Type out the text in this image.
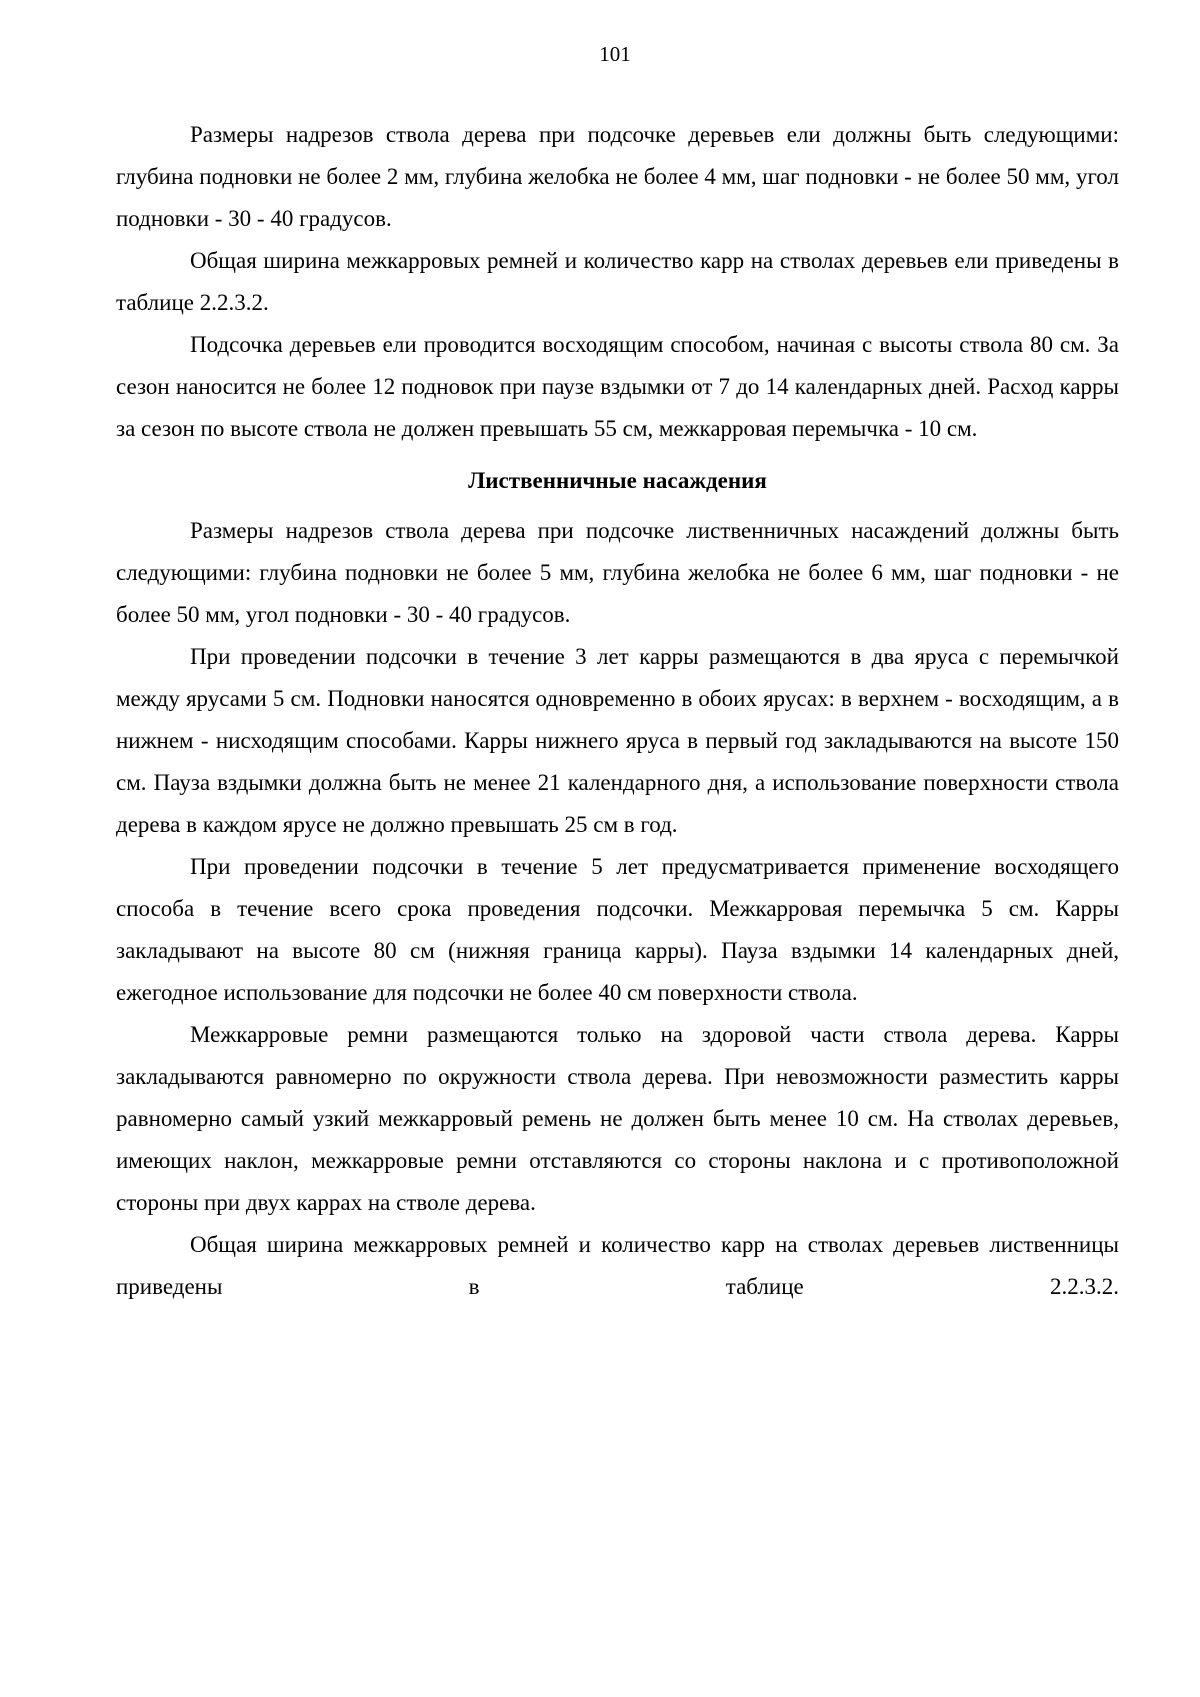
101

Размеры надрезов ствола дерева при подсочке деревьев ели должны быть следующими: глубина подновки не более 2 мм, глубина желобка не более 4 мм, шаг подновки - не более 50 мм, угол подновки - 30 - 40 градусов.

Общая ширина межкарровых ремней и количество карр на стволах деревьев ели приведены в таблице 2.2.3.2.

Подсочка деревьев ели проводится восходящим способом, начиная с высоты ствола 80 см. За сезон наносится не более 12 подновок при паузе вздымки от 7 до 14 календарных дней. Расход карры за сезон по высоте ствола не должен превышать 55 см, межкарровая перемычка - 10 см.

Лиственничные насаждения

Размеры надрезов ствола дерева при подсочке лиственничных насаждений должны быть следующими: глубина подновки не более 5 мм, глубина желобка не более 6 мм, шаг подновки - не более 50 мм, угол подновки - 30 - 40 градусов.

При проведении подсочки в течение 3 лет карры размещаются в два яруса с перемычкой между ярусами 5 см. Подновки наносятся одновременно в обоих ярусах: в верхнем - восходящим, а в нижнем - нисходящим способами. Карры нижнего яруса в первый год закладываются на высоте 150 см. Пауза вздымки должна быть не менее 21 календарного дня, а использование поверхности ствола дерева в каждом ярусе не должно превышать 25 см в год.

При проведении подсочки в течение 5 лет предусматривается применение восходящего способа в течение всего срока проведения подсочки. Межкарровая перемычка 5 см. Карры закладывают на высоте 80 см (нижняя граница карры). Пауза вздымки 14 календарных дней, ежегодное использование для подсочки не более 40 см поверхности ствола.

Межкарровые ремни размещаются только на здоровой части ствола дерева. Карры закладываются равномерно по окружности ствола дерева. При невозможности разместить карры равномерно самый узкий межкарровый ремень не должен быть менее 10 см. На стволах деревьев, имеющих наклон, межкарровые ремни отставляются со стороны наклона и с противоположной стороны при двух каррах на стволе дерева.

Общая ширина межкарровых ремней и количество карр на стволах деревьев лиственницы приведены в таблице 2.2.3.2.
